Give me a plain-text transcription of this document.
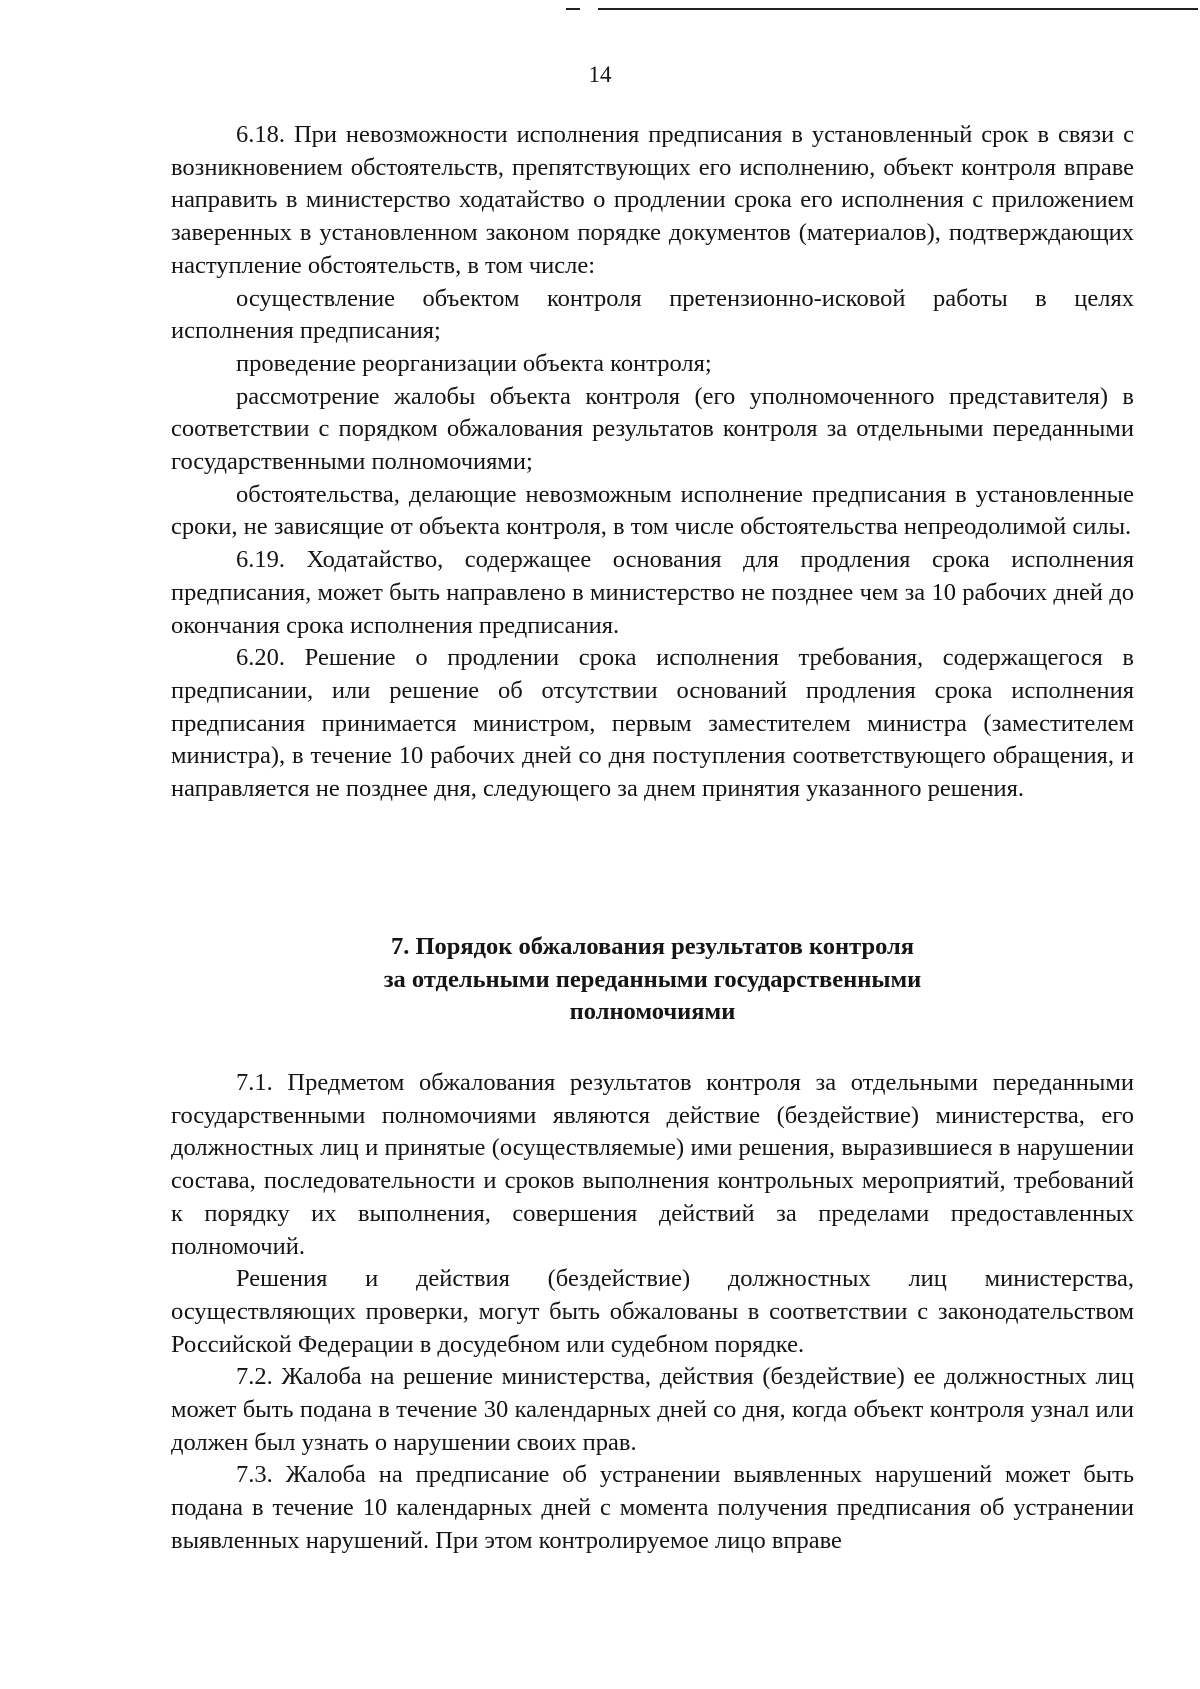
14

6.18. При невозможности исполнения предписания в установленный срок в связи с возникновением обстоятельств, препятствующих его исполнению, объект контроля вправе направить в министерство ходатайство о продлении срока его исполнения с приложением заверенных в установленном законом порядке документов (материалов), подтверждающих наступление обстоятельств, в том числе:

осуществление объектом контроля претензионно-исковой работы в целях исполнения предписания;

проведение реорганизации объекта контроля;

рассмотрение жалобы объекта контроля (его уполномоченного представителя) в соответствии с порядком обжалования результатов контроля за отдельными переданными государственными полномочиями;

обстоятельства, делающие невозможным исполнение предписания в установленные сроки, не зависящие от объекта контроля, в том числе обстоятельства непреодолимой силы.

6.19. Ходатайство, содержащее основания для продления срока исполнения предписания, может быть направлено в министерство не позднее чем за 10 рабочих дней до окончания срока исполнения предписания.

6.20. Решение о продлении срока исполнения требования, содержащегося в предписании, или решение об отсутствии оснований продления срока исполнения предписания принимается министром, первым заместителем министра (заместителем министра), в течение 10 рабочих дней со дня поступления соответствующего обращения, и направляется не позднее дня, следующего за днем принятия указанного решения.

7. Порядок обжалования результатов контроля
за отдельными переданными государственными
полномочиями

7.1. Предметом обжалования результатов контроля за отдельными переданными государственными полномочиями являются действие (бездействие) министерства, его должностных лиц и принятые (осуществляемые) ими решения, выразившиеся в нарушении состава, последовательности и сроков выполнения контрольных мероприятий, требований к порядку их выполнения, совершения действий за пределами предоставленных полномочий.

Решения и действия (бездействие) должностных лиц министерства, осуществляющих проверки, могут быть обжалованы в соответствии с законодательством Российской Федерации в досудебном или судебном порядке.

7.2. Жалоба на решение министерства, действия (бездействие) ее должностных лиц может быть подана в течение 30 календарных дней со дня, когда объект контроля узнал или должен был узнать о нарушении своих прав.

7.3. Жалоба на предписание об устранении выявленных нарушений может быть подана в течение 10 календарных дней с момента получения предписания об устранении выявленных нарушений. При этом контролируемое лицо вправе
